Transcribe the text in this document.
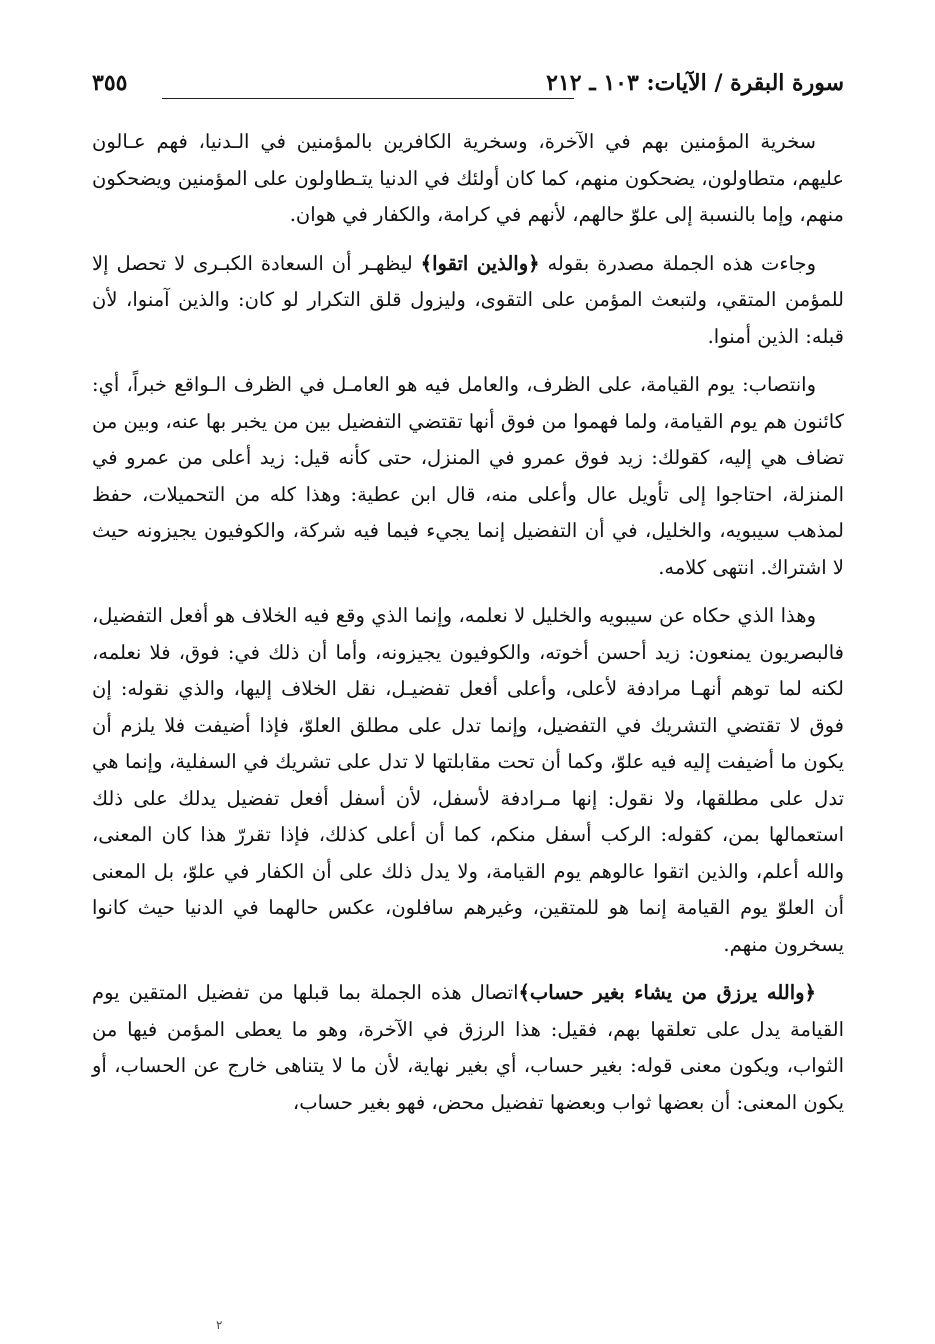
سورة البقرة / الآيات: ١٠٣ ـ ٢١٢
٣٥٥

سخرية المؤمنين بهم في الآخرة، وسخرية الكافرين بالمؤمنين في الـدنيا، فهم عـالون عليهم، متطاولون، يضحكون منهم، كما كان أولئك في الدنيا يتـطاولون على المؤمنين ويضحكون منهم، وإما بالنسبة إلى علوّ حالهم، لأنهم في كرامة، والكفار في هوان.

وجاءت هذه الجملة مصدرة بقوله ﴿والذين اتقوا﴾ ليظهـر أن السعادة الكبـرى لا تحصل إلا للمؤمن المتقي، ولتبعث المؤمن على التقوى، وليزول قلق التكرار لو كان: والذين آمنوا، لأن قبله: الذين أمنوا.

وانتصاب: يوم القيامة، على الظرف، والعامل فيه هو العامـل في الظرف الـواقع خبراً، أي: كائنون هم يوم القيامة، ولما فهموا من فوق أنها تقتضي التفضيل بين من يخبر بها عنه، وبين من تضاف هي إليه، كقولك: زيد فوق عمرو في المنزل، حتى كأنه قيل: زيد أعلى من عمرو في المنزلة، احتاجوا إلى تأويل عال وأعلى منه، قال ابن عطية: وهذا كله من التحميلات، حفظ لمذهب سيبويه، والخليل، في أن التفضيل إنما يجيء فيما فيه شركة، والكوفيون يجيزونه حيث لا اشتراك. انتهى كلامه.

وهذا الذي حكاه عن سيبويه والخليل لا نعلمه، وإنما الذي وقع فيه الخلاف هو أفعل التفضيل، فالبصريون يمنعون: زيد أحسن أخوته، والكوفيون يجيزونه، وأما أن ذلك في: فوق، فلا نعلمه، لكنه لما توهم أنهـا مرادفة لأعلى، وأعلى أفعل تفضيـل، نقل الخلاف إليها، والذي نقوله: إن فوق لا تقتضي التشريك في التفضيل، وإنما تدل على مطلق العلوّ، فإذا أضيفت فلا يلزم أن يكون ما أضيفت إليه فيه علوّ، وكما أن تحت مقابلتها لا تدل على تشريك في السفلية، وإنما هي تدل على مطلقها، ولا نقول: إنها مـرادفة لأسفل، لأن أسفل أفعل تفضيل يدلك على ذلك استعمالها بمن، كقوله: الركب أسفل منكم، كما أن أعلى كذلك، فإذا تقررّ هذا كان المعنى، والله أعلم، والذين اتقوا عالوهم يوم القيامة، ولا يدل ذلك على أن الكفار في علوّ، بل المعنى أن العلوّ يوم القيامة إنما هو للمتقين، وغيرهم سافلون، عكس حالهما في الدنيا حيث كانوا يسخرون منهم.

﴿والله يرزق من يشاء بغير حساب﴾اتصال هذه الجملة بما قبلها من تفضيل المتقين يوم القيامة يدل على تعلقها بهم، فقيل: هذا الرزق في الآخرة، وهو ما يعطى المؤمن فيها من الثواب، ويكون معنى قوله: بغير حساب، أي بغير نهاية، لأن ما لا يتناهى خارج عن الحساب، أو يكون المعنى: أن بعضها ثواب وبعضها تفضيل محض، فهو بغير حساب،

٢
